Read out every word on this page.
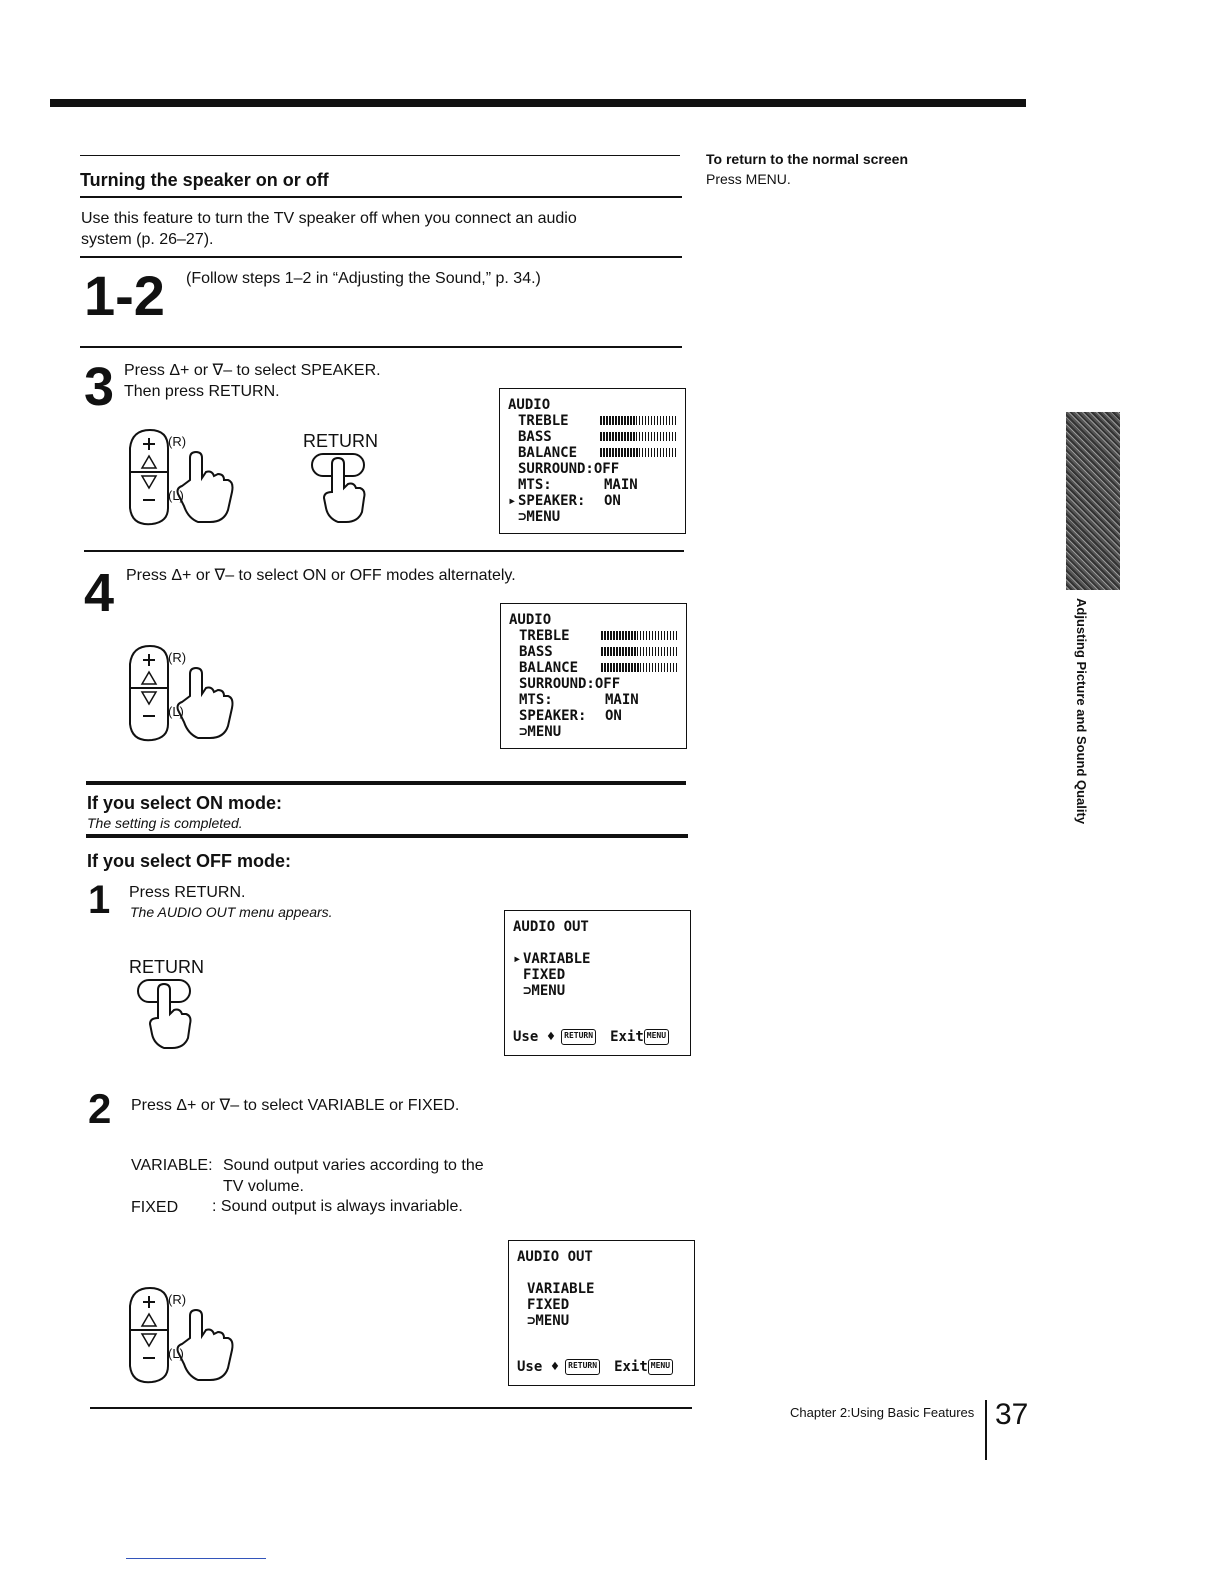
Turning the speaker on or off
Use this feature to turn the TV speaker off when you connect an audio system (p. 26–27).
1-2 (Follow steps 1–2 in “Adjusting the Sound,” p. 34.)
3 Press Δ+ or ∇– to select SPEAKER.
Then press RETURN.
(R)
(L)
RETURN
AUDIO
TREBLE
BASS
BALANCE
SURROUND:OFF
MTS:	MAIN
▸ SPEAKER:	ON
⊃MENU
4 Press Δ+ or ∇– to select ON or OFF modes alternately.
(R)
(L)
AUDIO
TREBLE
BASS
BALANCE
SURROUND:OFF
MTS:	MAIN
SPEAKER:	ON
⊃MENU
If you select ON mode:
The setting is completed.
If you select OFF mode:
1 Press RETURN.
The AUDIO OUT menu appears.
RETURN
AUDIO OUT
▸ VARIABLE
FIXED
⊃MENU
Use ♦	RETURN Exit MENU
2 Press Δ+ or ∇– to select VARIABLE or FIXED.
VARIABLE: Sound output varies according to the
TV volume.
FIXED : Sound output is always invariable.
(R)
(L)
AUDIO OUT
VARIABLE
FIXED
⊃MENU
Use ♦	RETURN Exit MENU
To return to the normal screen
Press MENU.
Adjusting Picture and Sound Quality
Chapter 2:Using Basic Features 37
